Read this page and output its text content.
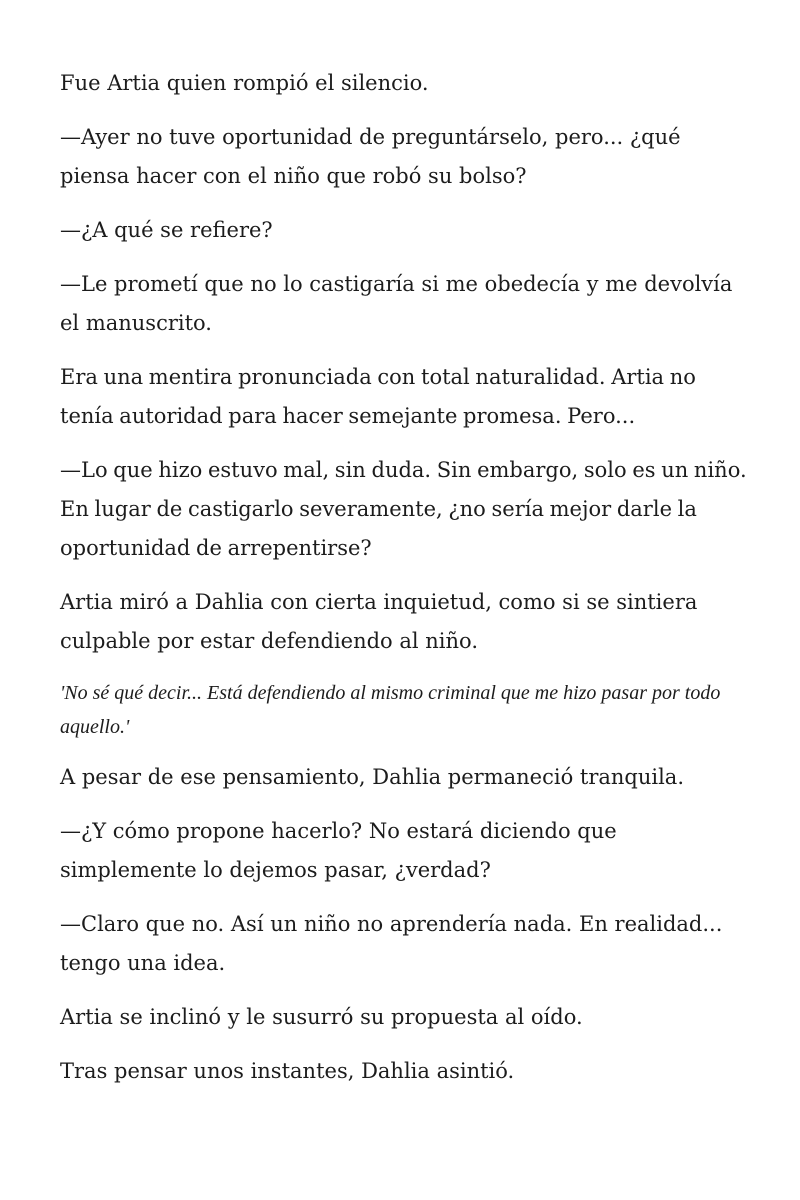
Fue Artia quien rompió el silencio.

—Ayer no tuve oportunidad de preguntárselo, pero... ¿qué piensa hacer con el niño que robó su bolso?

—¿A qué se refiere?

—Le prometí que no lo castigaría si me obedecía y me devolvía el manuscrito.

Era una mentira pronunciada con total naturalidad. Artia no tenía autoridad para hacer semejante promesa. Pero...

—Lo que hizo estuvo mal, sin duda. Sin embargo, solo es un niño. En lugar de castigarlo severamente, ¿no sería mejor darle la oportunidad de arrepentirse?

Artia miró a Dahlia con cierta inquietud, como si se sintiera culpable por estar defendiendo al niño.

'No sé qué decir... Está defendiendo al mismo criminal que me hizo pasar por todo aquello.'

A pesar de ese pensamiento, Dahlia permaneció tranquila.

—¿Y cómo propone hacerlo? No estará diciendo que simplemente lo dejemos pasar, ¿verdad?

—Claro que no. Así un niño no aprendería nada. En realidad... tengo una idea.

Artia se inclinó y le susurró su propuesta al oído.

Tras pensar unos instantes, Dahlia asintió.
